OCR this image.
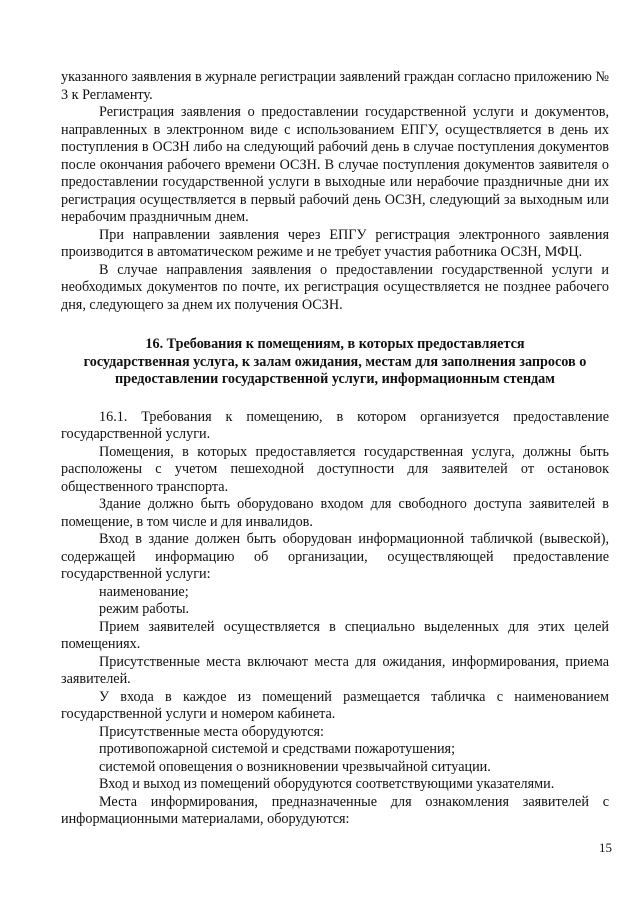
указанного заявления в журнале регистрации заявлений граждан согласно приложению № 3 к Регламенту.

Регистрация заявления о предоставлении государственной услуги и документов, направленных в электронном виде с использованием ЕПГУ, осуществляется в день их поступления в ОСЗН либо на следующий рабочий день в случае поступления документов после окончания рабочего времени ОСЗН. В случае поступления документов заявителя о предоставлении государственной услуги в выходные или нерабочие праздничные дни их регистрация осуществляется в первый рабочий день ОСЗН, следующий за выходным или нерабочим праздничным днем.

При направлении заявления через ЕПГУ регистрация электронного заявления производится в автоматическом режиме и не требует участия работника ОСЗН, МФЦ.

В случае направления заявления о предоставлении государственной услуги и необходимых документов по почте, их регистрация осуществляется не позднее рабочего дня, следующего за днем их получения ОСЗН.

16. Требования к помещениям, в которых предоставляется
государственная услуга, к залам ожидания, местам для заполнения запросов о
предоставлении государственной услуги, информационным стендам

16.1. Требования к помещению, в котором организуется предоставление государственной услуги.

Помещения, в которых предоставляется государственная услуга, должны быть расположены с учетом пешеходной доступности для заявителей от остановок общественного транспорта.

Здание должно быть оборудовано входом для свободного доступа заявителей в помещение, в том числе и для инвалидов.

Вход в здание должен быть оборудован информационной табличкой (вывеской), содержащей информацию об организации, осуществляющей предоставление государственной услуги:

наименование;

режим работы.

Прием заявителей осуществляется в специально выделенных для этих целей помещениях.

Присутственные места включают места для ожидания, информирования, приема заявителей.

У входа в каждое из помещений размещается табличка с наименованием государственной услуги и номером кабинета.

Присутственные места оборудуются:

противопожарной системой и средствами пожаротушения;

системой оповещения о возникновении чрезвычайной ситуации.

Вход и выход из помещений оборудуются соответствующими указателями.

Места информирования, предназначенные для ознакомления заявителей с информационными материалами, оборудуются:

15
